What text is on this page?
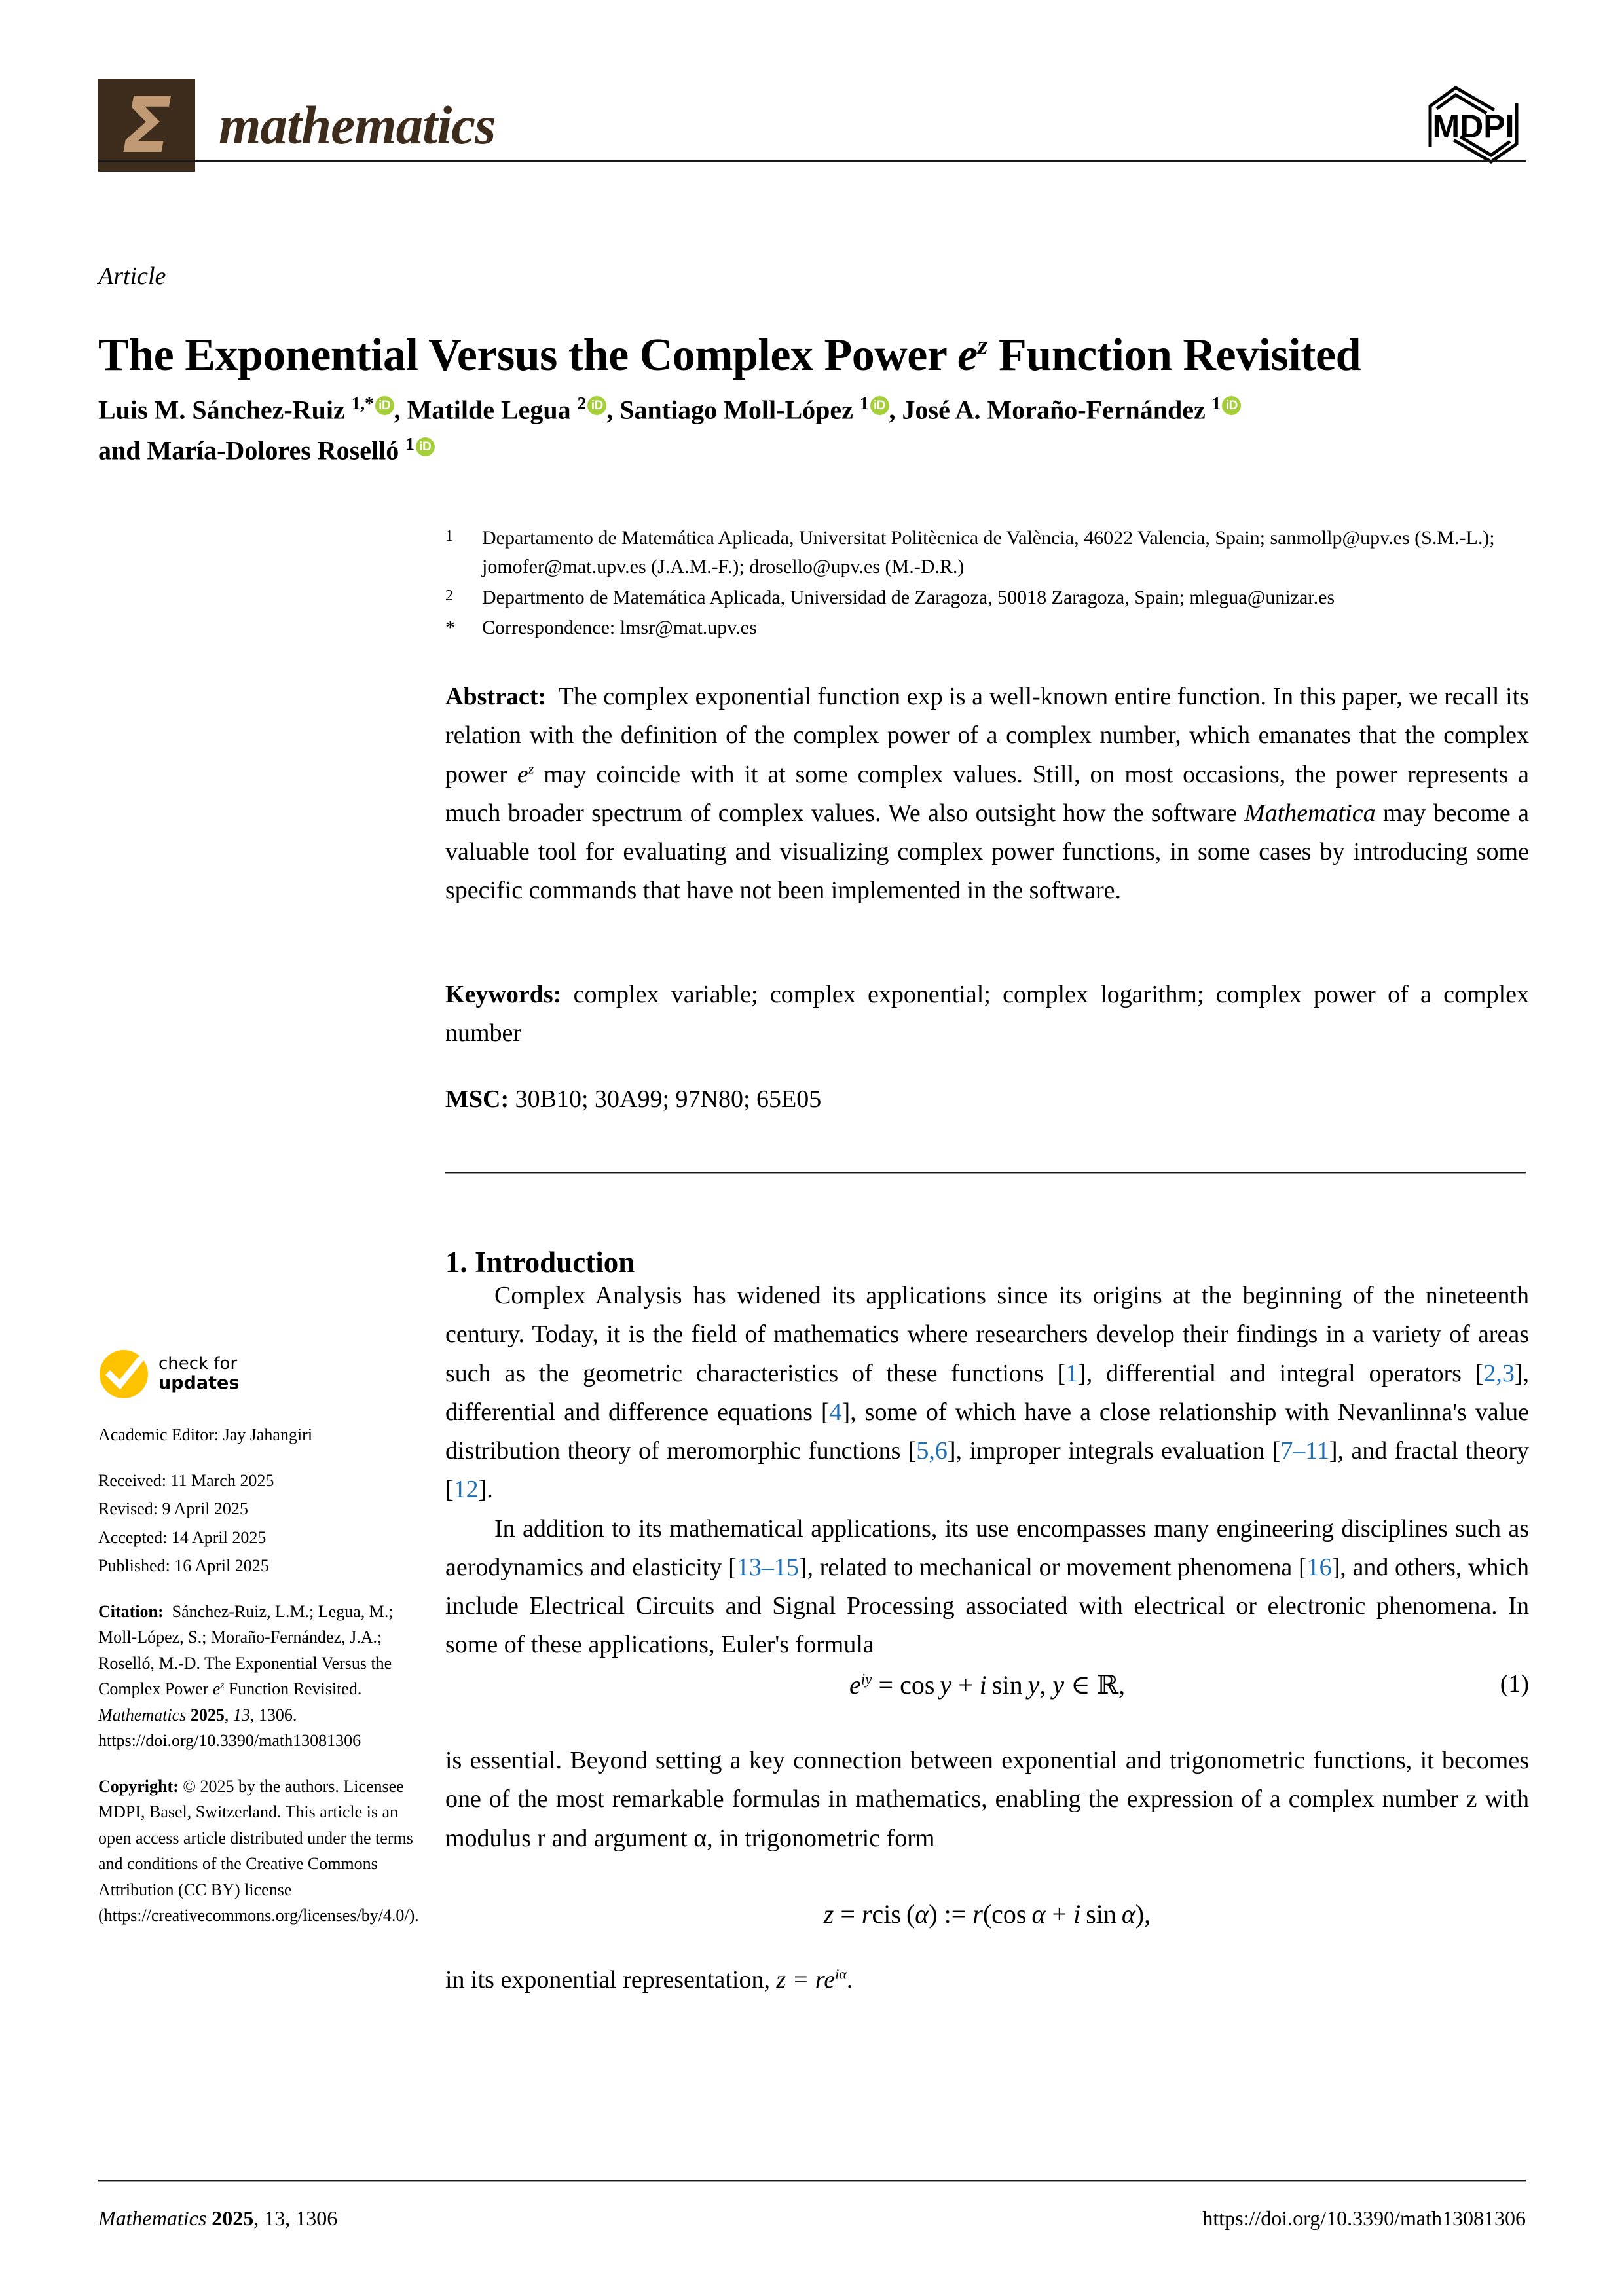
Σ mathematics	MDPI
Article
The Exponential Versus the Complex Power $e^z$ Function Revisited
Luis M. Sánchez-Ruiz $^{1,*}$ iD , Matilde Legua $^2$ iD , Santiago Moll-López $^1$ iD , José A. Moraño-Fernández $^1$ iD
and María-Dolores Roselló $^1$ iD
1	Departamento de Matemática Aplicada, Universitat Politècnica de València, 46022 Valencia, Spain; sanmollp@upv.es (S.M.-L.); jomofer@mat.upv.es (J.A.M.-F.); drosello@upv.es (M.-D.R.)
2	Departmento de Matemática Aplicada, Universidad de Zaragoza, 50018 Zaragoza, Spain; mlegua@unizar.es
*	Correspondence: lmsr@mat.upv.es
Abstract: The complex exponential function exp is a well-known entire function. In this paper, we recall its relation with the definition of the complex power of a complex number, which emanates that the complex power $e^z$ may coincide with it at some complex values. Still, on most occasions, the power represents a much broader spectrum of complex values. We also outsight how the software Mathematica may become a valuable tool for evaluating and visualizing complex power functions, in some cases by introducing some specific commands that have not been implemented in the software.
Keywords: complex variable; complex exponential; complex logarithm; complex power of a complex number
MSC: 30B10; 30A99; 97N80; 65E05
1. Introduction

Complex Analysis has widened its applications since its origins at the beginning of the nineteenth century. Today, it is the field of mathematics where researchers develop their findings in a variety of areas such as the geometric characteristics of these functions [1], differential and integral operators [2,3], differential and difference equations [4], some of which have a close relationship with Nevanlinna's value distribution theory of meromorphic functions [5,6], improper integrals evaluation [7–11], and fractal theory [12].

In addition to its mathematical applications, its use encompasses many engineering disciplines such as aerodynamics and elasticity [13–15], related to mechanical or movement phenomena [16], and others, which include Electrical Circuits and Signal Processing associated with electrical or electronic phenomena. In some of these applications, Euler's formula

$e^{iy} = \cos y + i$ sin y, y ∈ ℝ,	(1)
is essential. Beyond setting a key connection between exponential and trigonometric functions, it becomes one of the most remarkable formulas in mathematics, enabling the expression of a complex number z with modulus r and argument α, in trigonometric form
z = rcis (α) := r(cos α + i sin α),
in its exponential representation, $z = re^{i\alpha}$.
check for
updates
Academic Editor: Jay Jahangiri
Received: 11 March 2025
Revised: 9 April 2025
Accepted: 14 April 2025
Published: 16 April 2025
Citation: Sánchez-Ruiz, L.M.; Legua, M.; Moll-López, S.; Moraño-Fernández, J.A.; Roselló, M.-D. The Exponential Versus the Complex Power $e^z$ Function Revisited. Mathematics 2025, 13, 1306. https://doi.org/10.3390/math13081306
Copyright: © 2025 by the authors. Licensee MDPI, Basel, Switzerland. This article is an open access article distributed under the terms and conditions of the Creative Commons Attribution (CC BY) license (https://creativecommons.org/licenses/by/4.0/).
Mathematics 2025, 13, 1306	https://doi.org/10.3390/math13081306
